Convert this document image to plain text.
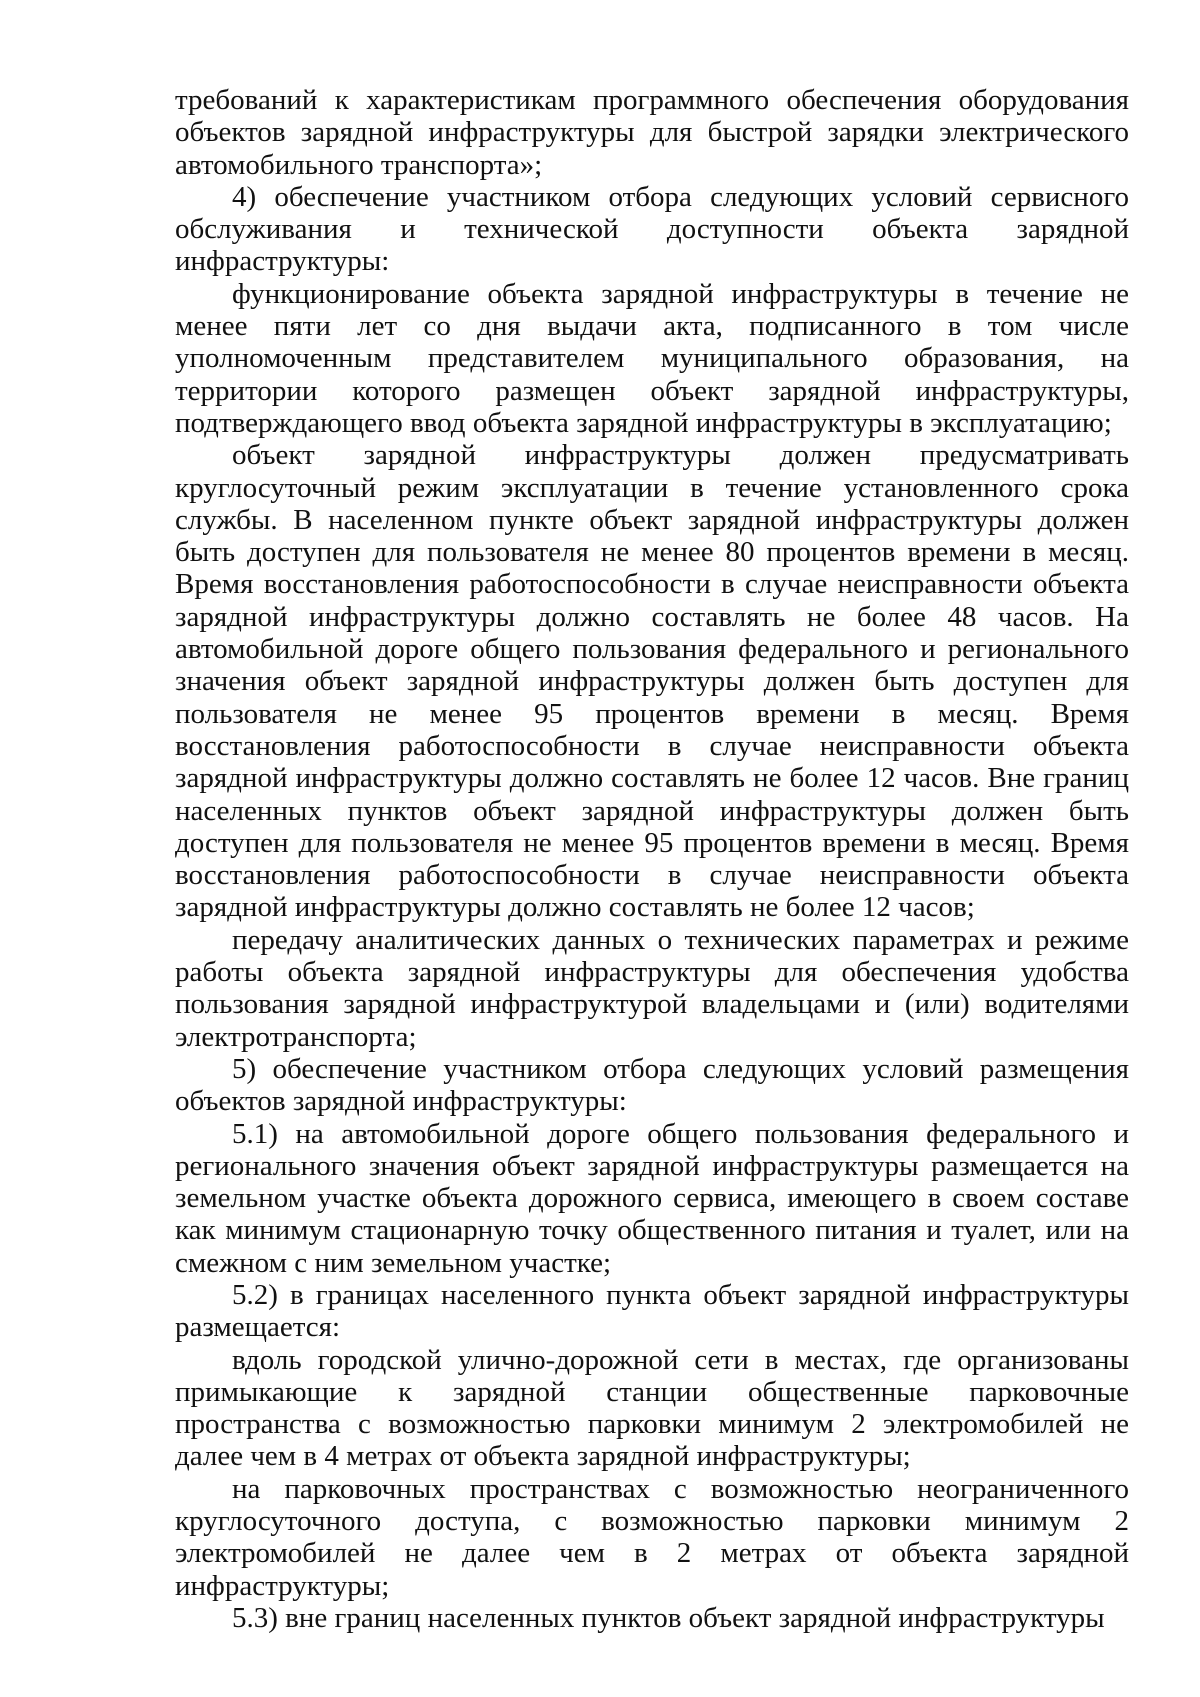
требований к характеристикам программного обеспечения оборудования объектов зарядной инфраструктуры для быстрой зарядки электрического автомобильного транспорта»;

4) обеспечение участником отбора следующих условий сервисного обслуживания и технической доступности объекта зарядной инфраструктуры:

функционирование объекта зарядной инфраструктуры в течение не менее пяти лет со дня выдачи акта, подписанного в том числе уполномоченным представителем муниципального образования, на территории которого размещен объект зарядной инфраструктуры, подтверждающего ввод объекта зарядной инфраструктуры в эксплуатацию;

объект зарядной инфраструктуры должен предусматривать круглосуточный режим эксплуатации в течение установленного срока службы. В населенном пункте объект зарядной инфраструктуры должен быть доступен для пользователя не менее 80 процентов времени в месяц. Время восстановления работоспособности в случае неисправности объекта зарядной инфраструктуры должно составлять не более 48 часов. На автомобильной дороге общего пользования федерального и регионального значения объект зарядной инфраструктуры должен быть доступен для пользователя не менее 95 процентов времени в месяц. Время восстановления работоспособности в случае неисправности объекта зарядной инфраструктуры должно составлять не более 12 часов. Вне границ населенных пунктов объект зарядной инфраструктуры должен быть доступен для пользователя не менее 95 процентов времени в месяц. Время восстановления работоспособности в случае неисправности объекта зарядной инфраструктуры должно составлять не более 12 часов;

передачу аналитических данных о технических параметрах и режиме работы объекта зарядной инфраструктуры для обеспечения удобства пользования зарядной инфраструктурой владельцами и (или) водителями электротранспорта;

5) обеспечение участником отбора следующих условий размещения объектов зарядной инфраструктуры:

5.1) на автомобильной дороге общего пользования федерального и регионального значения объект зарядной инфраструктуры размещается на земельном участке объекта дорожного сервиса, имеющего в своем составе как минимум стационарную точку общественного питания и туалет, или на смежном с ним земельном участке;

5.2) в границах населенного пункта объект зарядной инфраструктуры размещается:

вдоль городской улично-дорожной сети в местах, где организованы примыкающие к зарядной станции общественные парковочные пространства с возможностью парковки минимум 2 электромобилей не далее чем в 4 метрах от объекта зарядной инфраструктуры;

на парковочных пространствах с возможностью неограниченного круглосуточного доступа, с возможностью парковки минимум 2 электромобилей не далее чем в 2 метрах от объекта зарядной инфраструктуры;

5.3) вне границ населенных пунктов объект зарядной инфраструктуры
